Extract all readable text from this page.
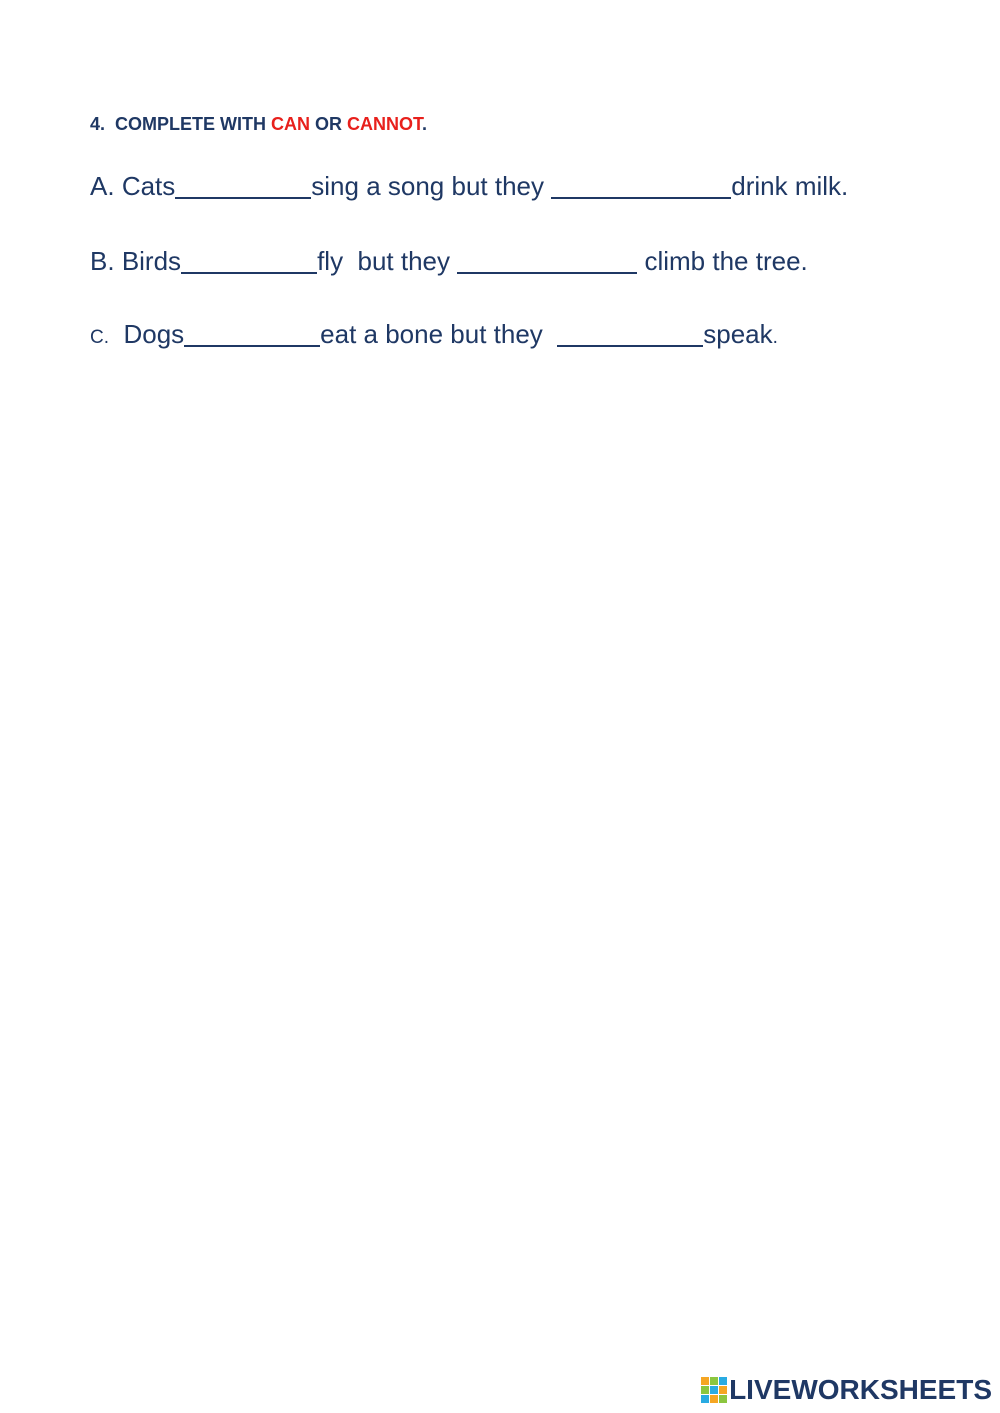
4. COMPLETE WITH CAN OR CANNOT.
A. Cats	sing a song but they	drink milk.
B. Birds	fly  but they	climb the tree.
C. Dogs	eat a bone but they	speak.
LIVEWORKSHEETS
